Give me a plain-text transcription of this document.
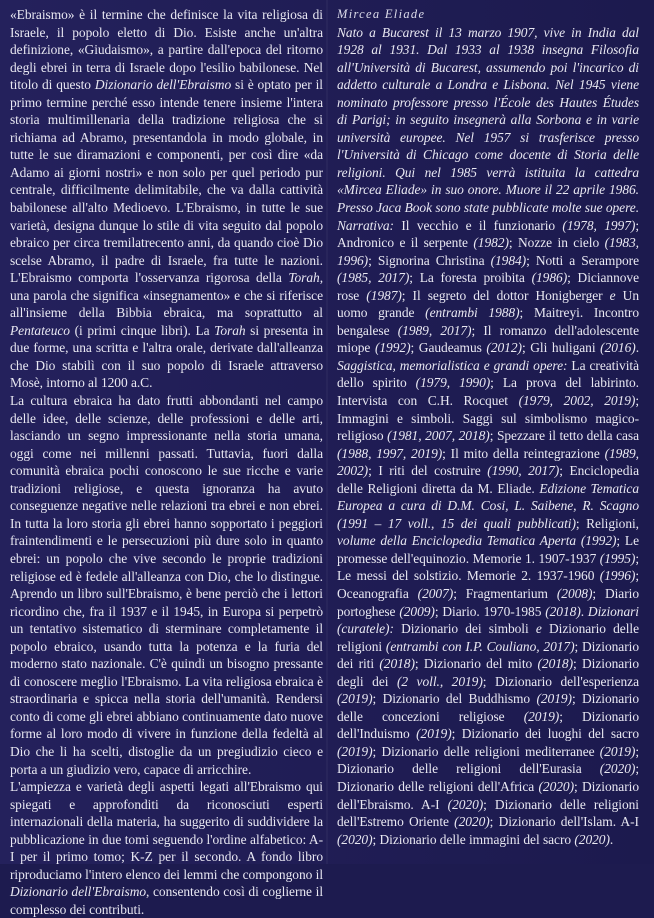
«Ebraismo» è il termine che definisce la vita religiosa di Israele, il popolo eletto di Dio. Esiste anche un'altra definizione, «Giudaismo», a partire dall'epoca del ritorno degli ebrei in terra di Israele dopo l'esilio babilonese. Nel titolo di questo Dizionario dell'Ebraismo si è optato per il primo termine perché esso intende tenere insieme l'intera storia multimillenaria della tradizione religiosa che si richiama ad Abramo, presentandola in modo globale, in tutte le sue diramazioni e componenti, per così dire «da Adamo ai giorni nostri» e non solo per quel periodo pur centrale, difficilmente delimitabile, che va dalla cattività babilonese all'alto Medioevo. L'Ebraismo, in tutte le sue varietà, designa dunque lo stile di vita seguito dal popolo ebraico per circa tremilatrecento anni, da quando cioè Dio scelse Abramo, il padre di Israele, fra tutte le nazioni. L'Ebraismo comporta l'osservanza rigorosa della Torah, una parola che significa «insegnamento» e che si riferisce all'insieme della Bibbia ebraica, ma soprattutto al Pentateuco (i primi cinque libri). La Torah si presenta in due forme, una scritta e l'altra orale, derivate dall'alleanza che Dio stabilì con il suo popolo di Israele attraverso Mosè, intorno al 1200 a.C.

La cultura ebraica ha dato frutti abbondanti nel campo delle idee, delle scienze, delle professioni e delle arti, lasciando un segno impressionante nella storia umana, oggi come nei millenni passati. Tuttavia, fuori dalla comunità ebraica pochi conoscono le sue ricche e varie tradizioni religiose, e questa ignoranza ha avuto conseguenze negative nelle relazioni tra ebrei e non ebrei. In tutta la loro storia gli ebrei hanno sopportato i peggiori fraintendimenti e le persecuzioni più dure solo in quanto ebrei: un popolo che vive secondo le proprie tradizioni religiose ed è fedele all'alleanza con Dio, che lo distingue. Aprendo un libro sull'Ebraismo, è bene perciò che i lettori ricordino che, fra il 1937 e il 1945, in Europa si perpetrò un tentativo sistematico di sterminare completamente il popolo ebraico, usando tutta la potenza e la furia del moderno stato nazionale. C'è quindi un bisogno pressante di conoscere meglio l'Ebraismo. La vita religiosa ebraica è straordinaria e spicca nella storia dell'umanità. Rendersi conto di come gli ebrei abbiano continuamente dato nuove forme al loro modo di vivere in funzione della fedeltà al Dio che li ha scelti, distoglie da un pregiudizio cieco e porta a un giudizio vero, capace di arricchire.

L'ampiezza e varietà degli aspetti legati all'Ebraismo qui spiegati e approfonditi da riconosciuti esperti internazionali della materia, ha suggerito di suddividere la pubblicazione in due tomi seguendo l'ordine alfabetico: A-I per il primo tomo; K-Z per il secondo. A fondo libro riproduciamo l'intero elenco dei lemmi che compongono il Dizionario dell'Ebraismo, consentendo così di coglierne il complesso dei contributi.

Mircea Eliade

Nato a Bucarest il 13 marzo 1907, vive in India dal 1928 al 1931. Dal 1933 al 1938 insegna Filosofia all'Università di Bucarest, assumendo poi l'incarico di addetto culturale a Londra e Lisbona. Nel 1945 viene nominato professore presso l'École des Hautes Études di Parigi; in seguito insegnerà alla Sorbona e in varie università europee. Nel 1957 si trasferisce presso l'Università di Chicago come docente di Storia delle religioni. Qui nel 1985 verrà istituita la cattedra «Mircea Eliade» in suo onore. Muore il 22 aprile 1986. Presso Jaca Book sono state pubblicate molte sue opere. Narrativa: Il vecchio e il funzionario (1978, 1997); Andronico e il serpente (1982); Nozze in cielo (1983, 1996); Signorina Christina (1984); Notti a Serampore (1985, 2017); La foresta proibita (1986); Diciannove rose (1987); Il segreto del dottor Honigberger e Un uomo grande (entrambi 1988); Maitreyi. Incontro bengalese (1989, 2017); Il romanzo dell'adolescente miope (1992); Gaudeamus (2012); Gli huligani (2016). Saggistica, memorialistica e grandi opere: La creatività dello spirito (1979, 1990); La prova del labirinto. Intervista con C.H. Rocquet (1979, 2002, 2019); Immagini e simboli. Saggi sul simbolismo magico-religioso (1981, 2007, 2018); Spezzare il tetto della casa (1988, 1997, 2019); Il mito della reintegrazione (1989, 2002); I riti del costruire (1990, 2017); Enciclopedia delle Religioni diretta da M. Eliade. Edizione Tematica Europea a cura di D.M. Cosi, L. Saibene, R. Scagno (1991 – 17 voll., 15 dei quali pubblicati); Religioni, volume della Enciclopedia Tematica Aperta (1992); Le promesse dell'equinozio. Memorie 1. 1907-1937 (1995); Le messi del solstizio. Memorie 2. 1937-1960 (1996); Oceanografia (2007); Fragmentarium (2008); Diario portoghese (2009); Diario. 1970-1985 (2018). Dizionari (curatele): Dizionario dei simboli e Dizionario delle religioni (entrambi con I.P. Couliano, 2017); Dizionario dei riti (2018); Dizionario del mito (2018); Dizionario degli dei (2 voll., 2019); Dizionario dell'esperienza (2019); Dizionario del Buddhismo (2019); Dizionario delle concezioni religiose (2019); Dizionario dell'Induismo (2019); Dizionario dei luoghi del sacro (2019); Dizionario delle religioni mediterranee (2019); Dizionario delle religioni dell'Eurasia (2020); Dizionario delle religioni dell'Africa (2020); Dizionario dell'Ebraismo. A-I (2020); Dizionario delle religioni dell'Estremo Oriente (2020); Dizionario dell'Islam. A-I (2020); Dizionario delle immagini del sacro (2020).
